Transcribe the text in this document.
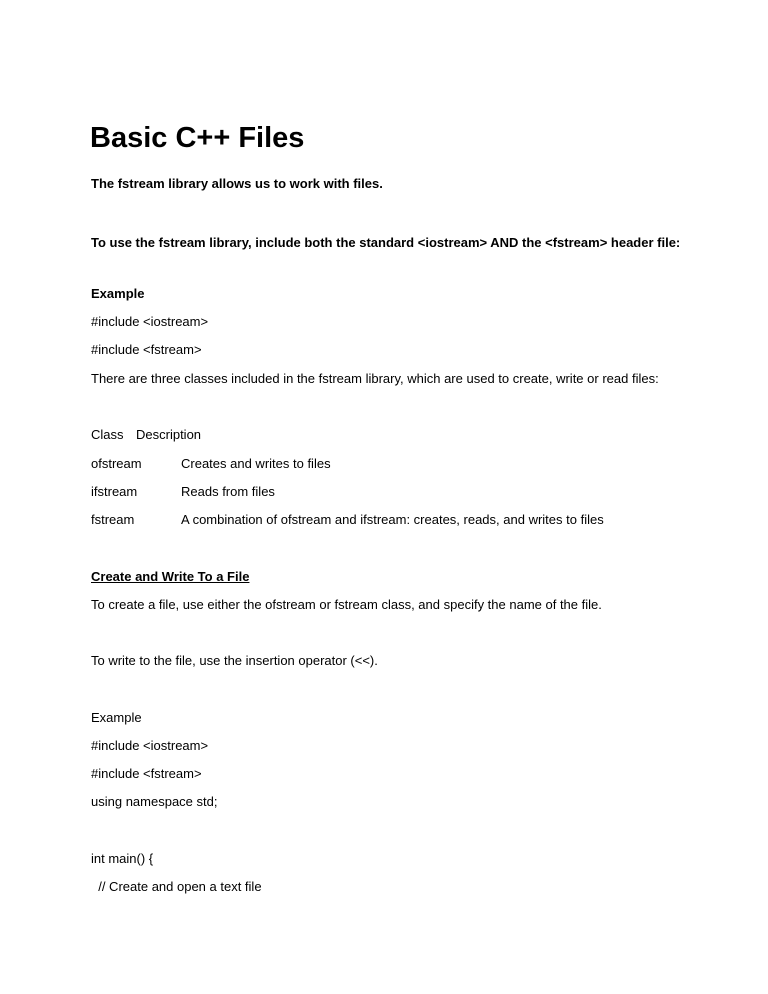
Basic C++ Files
The fstream library allows us to work with files.
To use the fstream library, include both the standard <iostream> AND the <fstream> header file:
Example
#include <iostream>
#include <fstream>
There are three classes included in the fstream library, which are used to create, write or read files:
Class Description
ofstream	Creates and writes to files
ifstream	Reads from files
fstream	A combination of ofstream and ifstream: creates, reads, and writes to files
Create and Write To a File
To create a file, use either the ofstream or fstream class, and specify the name of the file.
To write to the file, use the insertion operator (<<).
Example
#include <iostream>
#include <fstream>
using namespace std;
int main() {
// Create and open a text file
